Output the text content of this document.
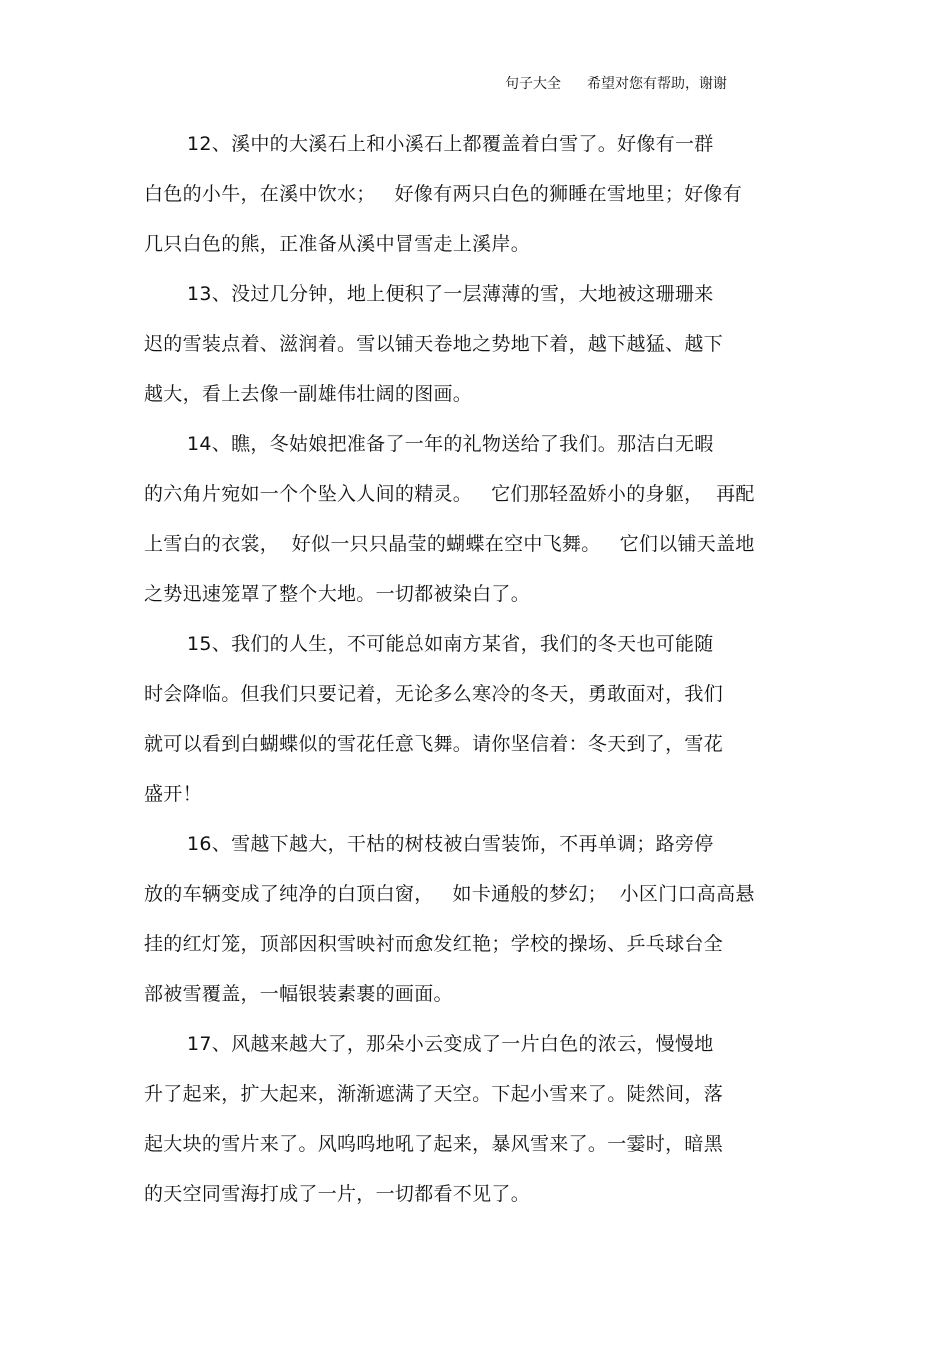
句子大全 希望对您有帮助，谢谢
12、溪中的大溪石上和小溪石上都覆盖着白雪了。好像有一群
白色的小牛，在溪中饮水；   好像有两只白色的狮睡在雪地里；好像有
几只白色的熊，正准备从溪中冒雪走上溪岸。
13、没过几分钟，地上便积了一层薄薄的雪，大地被这珊珊来
迟的雪装点着、滋润着。雪以铺天卷地之势地下着，越下越猛、越下
越大，看上去像一副雄伟壮阔的图画。
14、瞧，冬姑娘把准备了一年的礼物送给了我们。那洁白无暇
的六角片宛如一个个坠入人间的精灵。   它们那轻盈娇小的身躯，  再配
上雪白的衣裳，  好似一只只晶莹的蝴蝶在空中飞舞。   它们以铺天盖地
之势迅速笼罩了整个大地。一切都被染白了。
15、我们的人生，不可能总如南方某省，我们的冬天也可能随
时会降临。但我们只要记着，无论多么寒冷的冬天，勇敢面对，我们
就可以看到白蝴蝶似的雪花任意飞舞。请你坚信着：冬天到了，雪花
盛开！
16、雪越下越大，干枯的树枝被白雪装饰，不再单调；路旁停
放的车辆变成了纯净的白顶白窗，   如卡通般的梦幻；  小区门口高高悬
挂的红灯笼，顶部因积雪映衬而愈发红艳；学校的操场、乒乓球台全
部被雪覆盖，一幅银装素裹的画面。
17、风越来越大了，那朵小云变成了一片白色的浓云，慢慢地
升了起来，扩大起来，渐渐遮满了天空。下起小雪来了。陡然间，落
起大块的雪片来了。风呜呜地吼了起来，暴风雪来了。一霎时，暗黑
的天空同雪海打成了一片，一切都看不见了。
